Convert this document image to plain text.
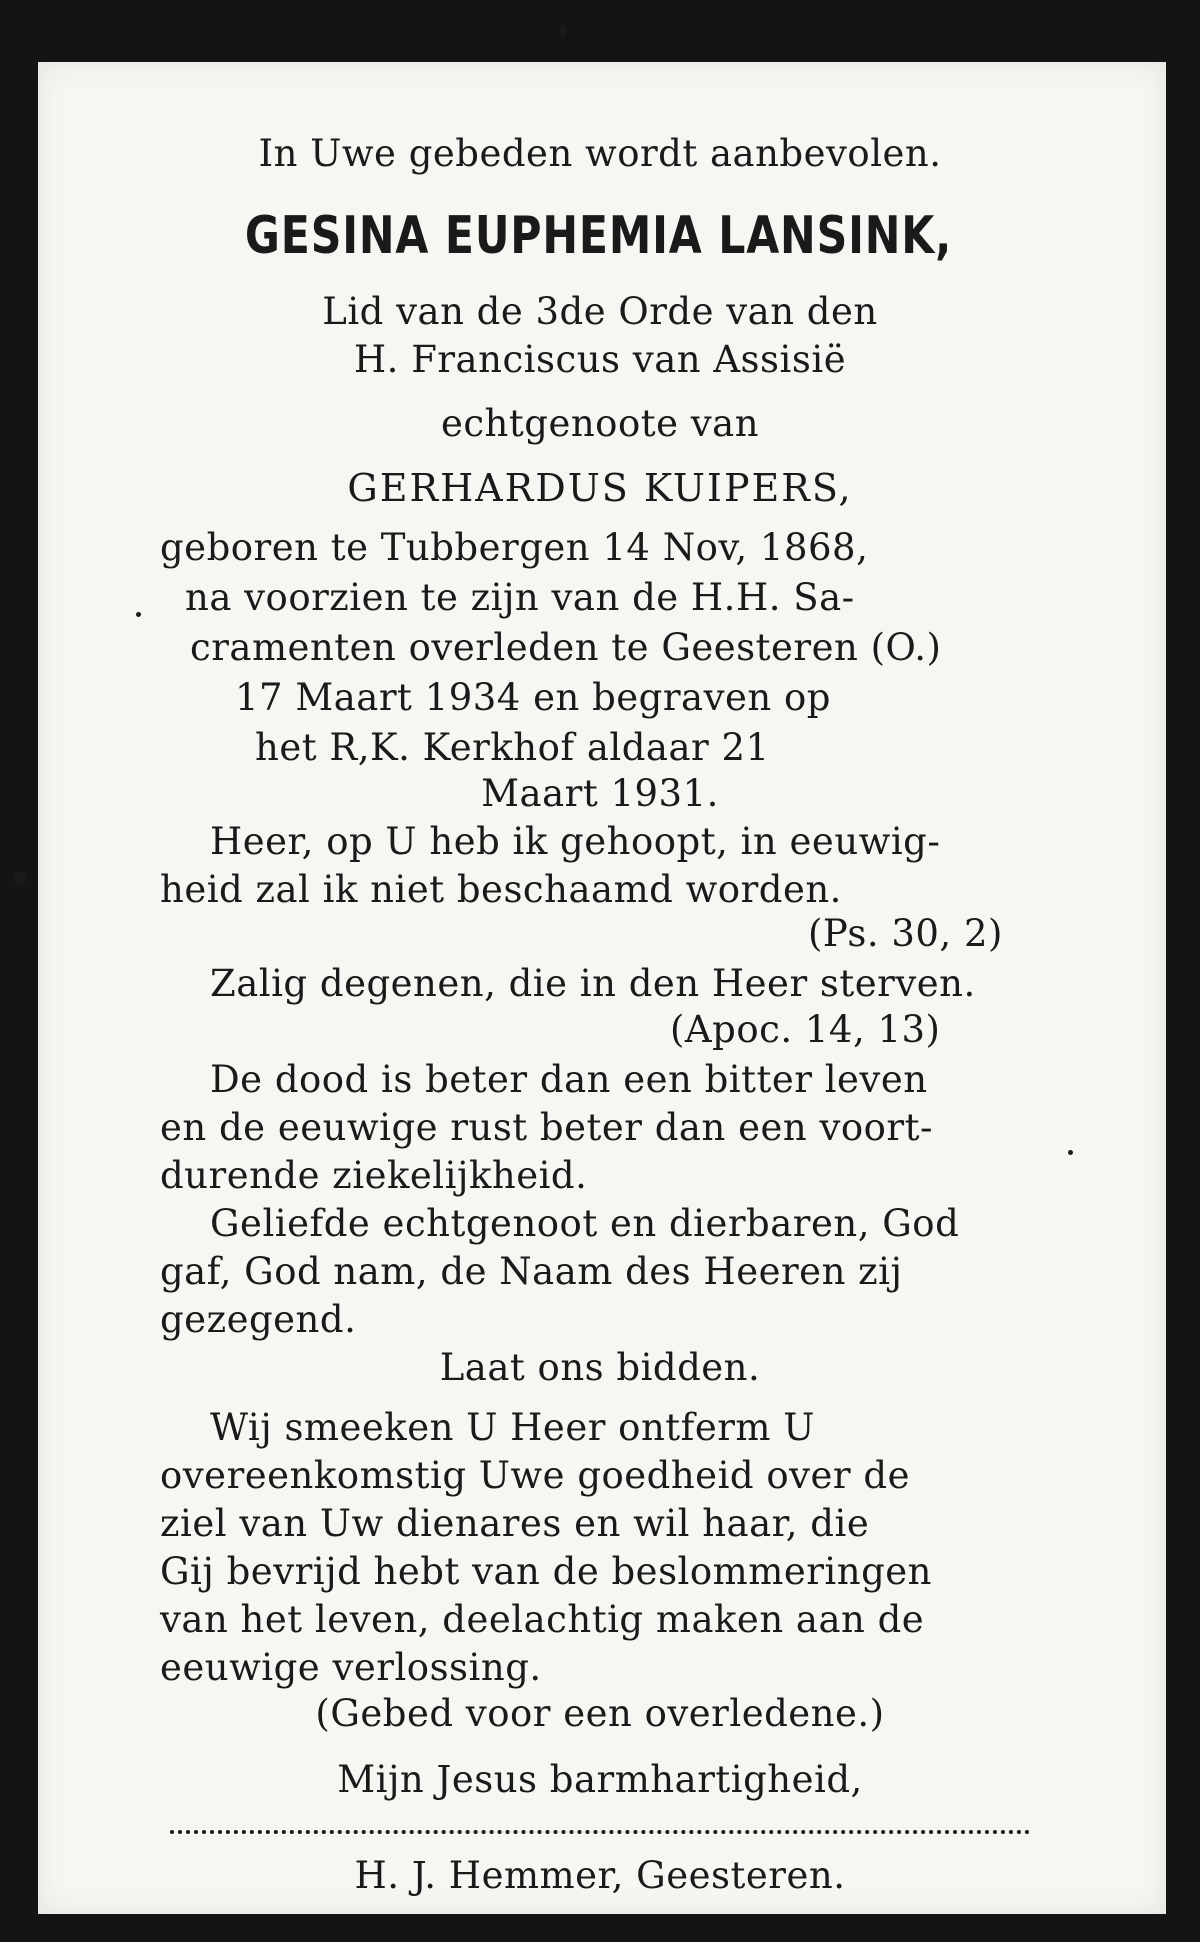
In Uwe gebeden wordt aanbevolen.
GESINA EUPHEMIA LANSINK,
Lid van de 3de Orde van den
H. Franciscus van Assisië
echtgenoote van
GERHARDUS KUIPERS,
geboren te Tubbergen 14 Nov, 1868,
na voorzien te zijn van de H.H. Sa-
cramenten overleden te Geesteren (O.)
17 Maart 1934 en begraven op
het R,K. Kerkhof aldaar 21
Maart 1931.
Heer, op U heb ik gehoopt, in eeuwig-
heid zal ik niet beschaamd worden.
(Ps. 30, 2)
Zalig degenen, die in den Heer sterven.
(Apoc. 14, 13)
De dood is beter dan een bitter leven
en de eeuwige rust beter dan een voort-
durende ziekelijkheid.
Geliefde echtgenoot en dierbaren, God
gaf, God nam, de Naam des Heeren zij
gezegend.
Laat ons bidden.
Wij smeeken U Heer ontferm U
overeenkomstig Uwe goedheid over de
ziel van Uw dienares en wil haar, die
Gij bevrijd hebt van de beslommeringen
van het leven, deelachtig maken aan de
eeuwige verlossing.
(Gebed voor een overledene.)
Mijn Jesus barmhartigheid,
H. J. Hemmer, Geesteren.
